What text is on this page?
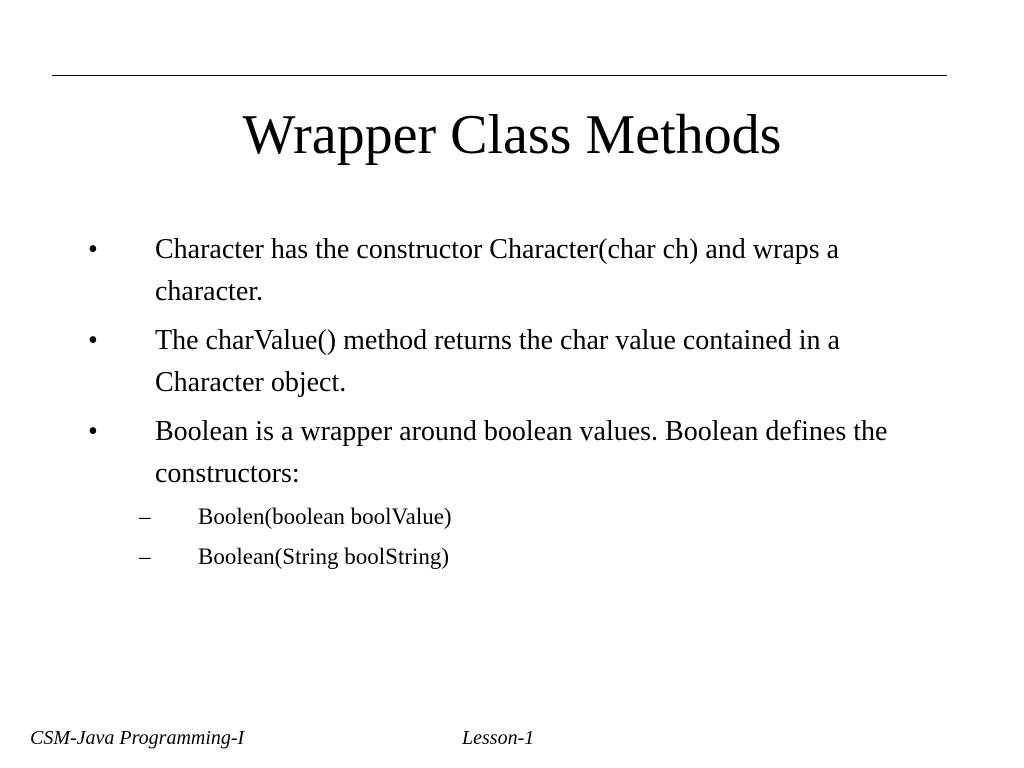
Wrapper Class Methods
• Character has the constructor Character(char ch) and wraps a character.
• The charValue() method returns the char value contained in a Character object.
• Boolean is a wrapper around boolean values. Boolean defines the constructors:
– Boolen(boolean boolValue)
– Boolean(String boolString)
CSM-Java Programming-I	Lesson-1
